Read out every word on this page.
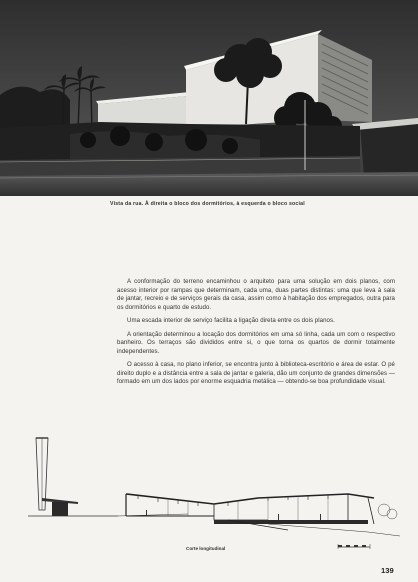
Vista da rua. À direita o bloco dos dormitórios, à esquerda o bloco social

A conformação do terreno encaminhou o arquiteto para uma solução em dois planos, com acesso interior por rampas que determinam, cada uma, duas partes distintas: uma que leva à sala de jantar, recreio e de serviços gerais da casa, assim como à habitação dos empregados, outra para os dormitórios e quarto de estudo.

Uma escada interior de serviço facilita a ligação direta entre os dois planos.

A orientação determinou a locação dos dormitórios em uma só linha, cada um com o respectivo banheiro. Os terraços são divididos entre si, o que torna os quartos de dormir totalmente independentes.

O acesso à casa, no plano inferior, se encontra junto à biblioteca-escritório e área de estar. O pé direito duplo e a distância entre a sala de jantar e galeria, dão um conjunto de grandes dimensões — formado em um dos lados por enorme esquadria metálica — obtendo-se boa profundidade visual.

Corte longitudinal
139
